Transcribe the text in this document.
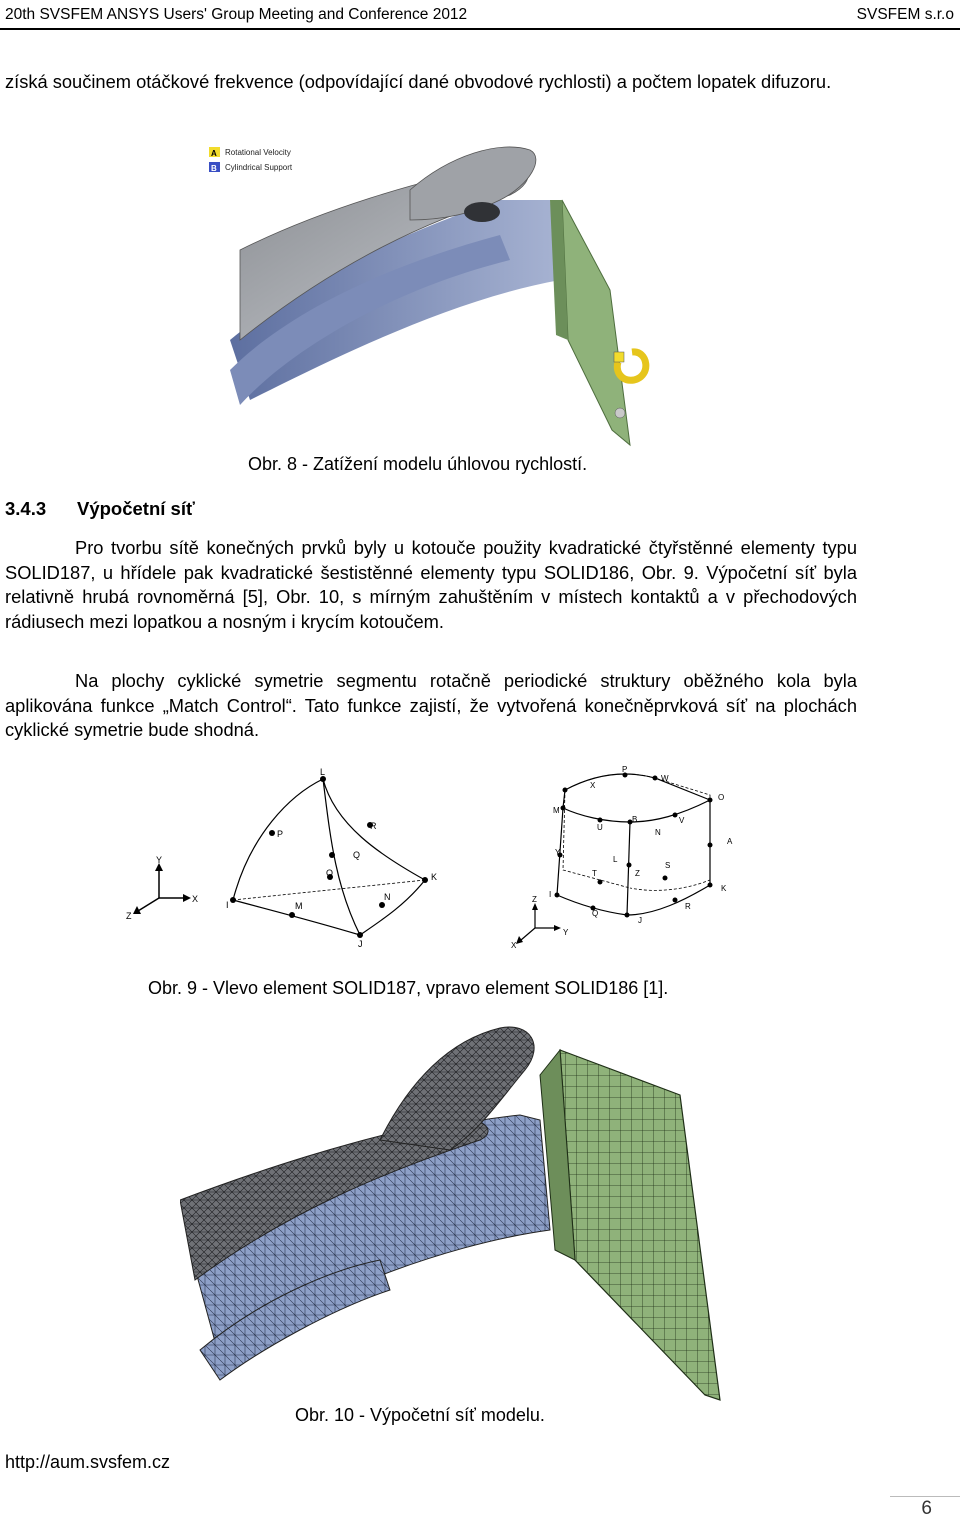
20th SVSFEM ANSYS Users' Group Meeting and Conference 2012	SVSFEM s.r.o
získá součinem otáčkové frekvence (odpovídající dané obvodové rychlosti) a počtem lopatek difuzoru.
A Rotational Velocity
B Cylindrical Support
Obr. 8 - Zatížení modelu úhlovou rychlostí.
3.4.3 Výpočetní síť
Pro tvorbu sítě konečných prvků byly u kotouče použity kvadratické čtyřstěnné elementy typu SOLID187, u hřídele pak kvadratické šestistěnné elementy typu SOLID186, Obr. 9. Výpočetní síť byla relativně hrubá rovnoměrná [5], Obr. 10, s mírným zahuštěním v místech kontaktů a v přechodových rádiusech mezi lopatkou a nosným i krycím kotoučem.
Na plochy cyklické symetrie segmentu rotačně periodické struktury oběžného kola byla aplikována funkce „Match Control“. Tato funkce zajistí, že vytvořená konečněprvková síť na plochách cyklické symetrie bude shodná.
L
P
R
Q
O	K
I	M
N
J
Y
X
Z
P
X
W
O
M
B	V
U
N
A
Y
L
Z
T
S
I
K
Q
J
R
Z
Y
X
Obr. 9 - Vlevo element SOLID187, vpravo element SOLID186 [1].
Obr. 10 - Výpočetní síť modelu.
http://aum.svsfem.cz
6
